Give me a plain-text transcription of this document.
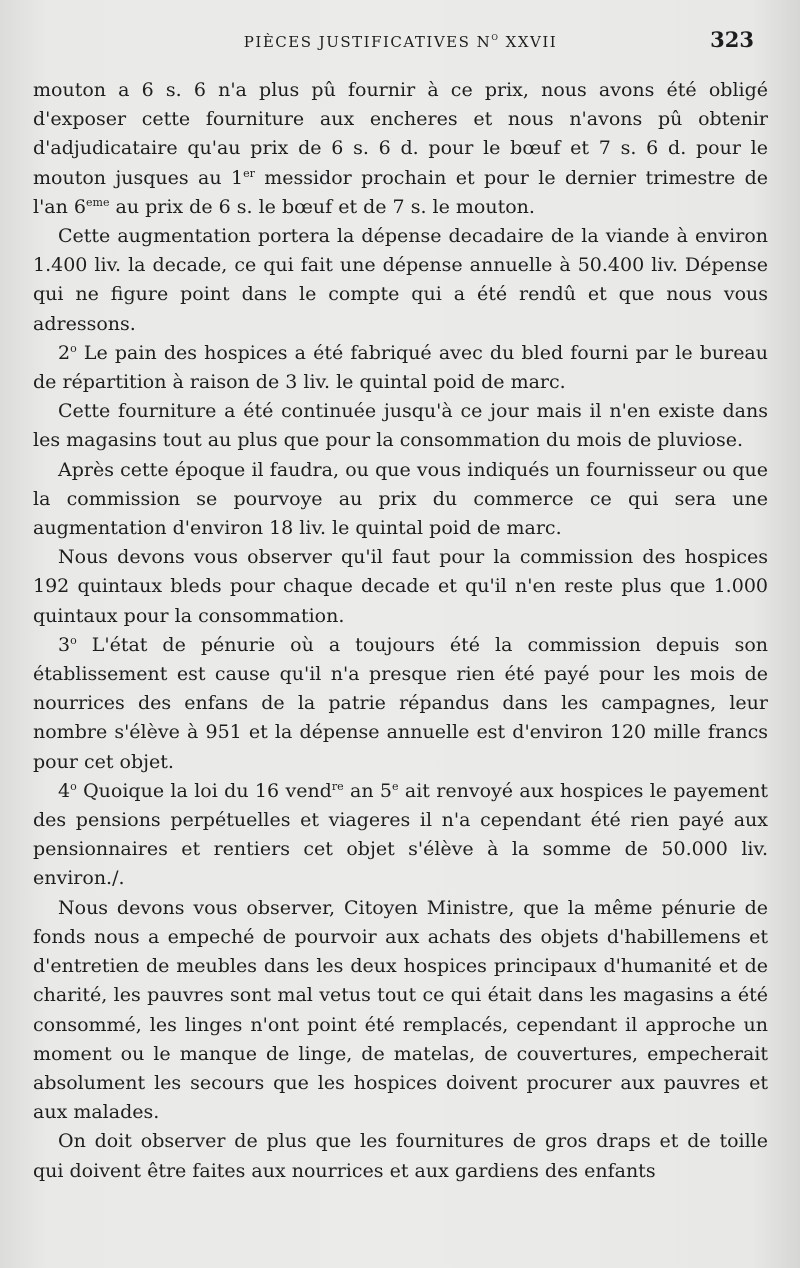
PIÈCES JUSTIFICATIVES $N^o$ XXVII	323

mouton a 6 s. 6 n'a plus pû fournir à ce prix, nous avons été obligé d'exposer cette fourniture aux encheres et nous n'avons pû obtenir d'adjudicataire qu'au prix de 6 s. 6 d. pour le bœuf et 7 s. 6 d. pour le mouton jusques au 1er messidor prochain et pour le dernier trimestre de l'an 6eme au prix de 6 s. le bœuf et de 7 s. le mouton.

Cette augmentation portera la dépense decadaire de la viande à environ 1.400 liv. la decade, ce qui fait une dépense annuelle à 50.400 liv. Dépense qui ne figure point dans le compte qui a été rendû et que nous vous adressons.

2$^o$ Le pain des hospices a été fabriqué avec du bled fourni par le bureau de répartition à raison de 3 liv. le quintal poid de marc.

Cette fourniture a été continuée jusqu'à ce jour mais il n'en existe dans les magasins tout au plus que pour la consommation du mois de pluviose.

Après cette époque il faudra, ou que vous indiqués un fournisseur ou que la commission se pourvoye au prix du commerce ce qui sera une augmentation d'environ 18 liv. le quintal poid de marc.

Nous devons vous observer qu'il faut pour la commission des hospices 192 quintaux bleds pour chaque decade et qu'il n'en reste plus que 1.000 quintaux pour la consommation.

3$^o$ L'état de pénurie où a toujours été la commission depuis son établissement est cause qu'il n'a presque rien été payé pour les mois de nourrices des enfans de la patrie répandus dans les campagnes, leur nombre s'élève à 951 et la dépense annuelle est d'environ 120 mille francs pour cet objet.

4$^o$ Quoique la loi du 16 vend$^{re}$ an 5e ait renvoyé aux hospices le payement des pensions perpétuelles et viageres il n'a cependant été rien payé aux pensionnaires et rentiers cet objet s'élève à la somme de 50.000 liv. environ./.

Nous devons vous observer, Citoyen Ministre, que la même pénurie de fonds nous a empeché de pourvoir aux achats des objets d'habillemens et d'entretien de meubles dans les deux hospices principaux d'humanité et de charité, les pauvres sont mal vetus tout ce qui était dans les magasins a été consommé, les linges n'ont point été remplacés, cependant il approche un moment ou le manque de linge, de matelas, de couvertures, empecherait absolument les secours que les hospices doivent procurer aux pauvres et aux malades.

On doit observer de plus que les fournitures de gros draps et de toille qui doivent être faites aux nourrices et aux gardiens des enfants
